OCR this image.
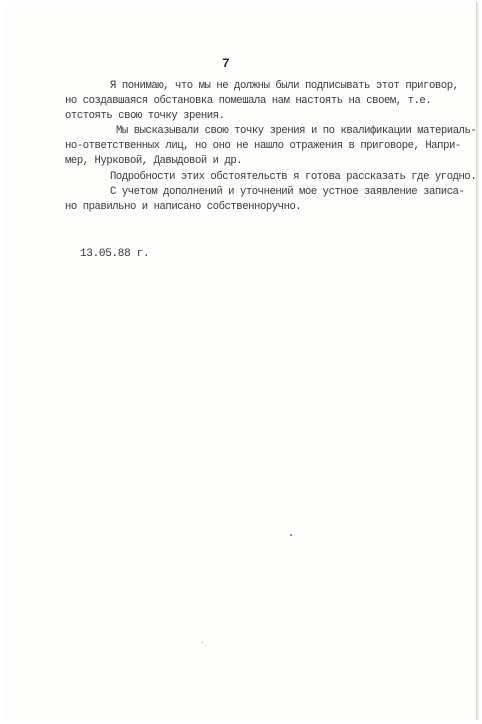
7
Я понимаю, что мы не должны были подписывать этот приговор,
но создавшаяся обстановка помешала нам настоять на своем, т.е.
отстоять свою точку зрения.
Мы высказывали свою точку зрения и по квалификации материаль-
но-ответственных лиц, но оно не нашло отражения в приговоре, Напри-
мер, Нурковой, Давыдовой и др.
Подробности этих обстоятельств я готова рассказать где угодно.
С учетом дополнений и уточнений мое устное заявление записа-
но правильно и написано собственноручно.
13.05.88 г.
